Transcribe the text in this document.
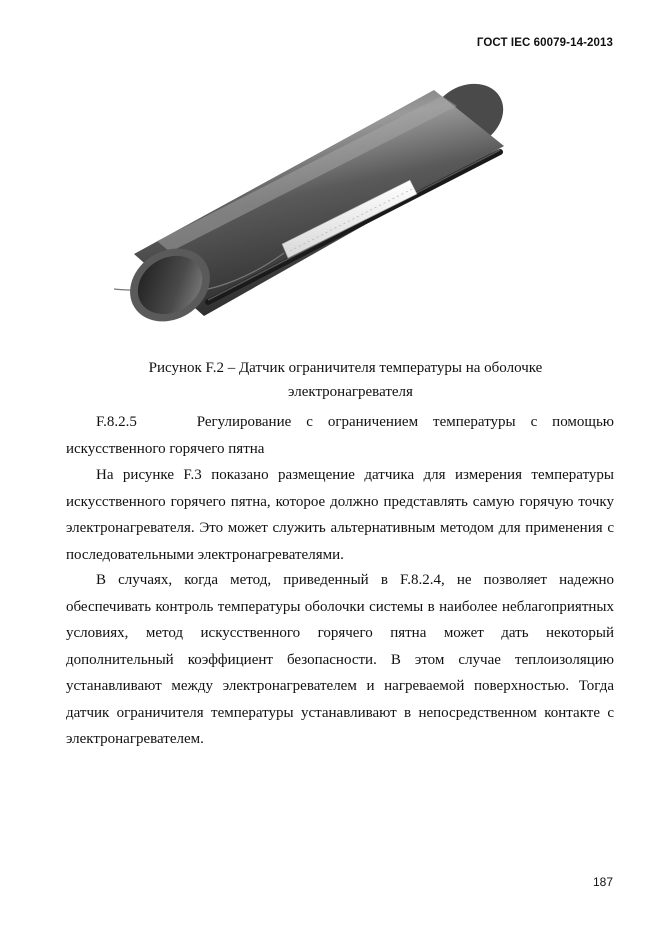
ГОСТ IEC 60079-14-2013
Рисунок F.2 – Датчик ограничителя температуры на оболочке
электронагревателя
F.8.2.5	Регулирование с ограничением температуры с помощью искусственного горячего пятна
На рисунке F.3 показано размещение датчика для измерения температуры искусственного горячего пятна, которое должно представлять самую горячую точку электронагревателя. Это может служить альтернативным методом для применения с последовательными электронагревателями.
В случаях, когда метод, приведенный в F.8.2.4, не позволяет надежно обеспечивать контроль температуры оболочки системы в наиболее неблагоприятных условиях, метод искусственного горячего пятна может дать некоторый дополнительный коэффициент безопасности. В этом случае теплоизоляцию устанавливают между электронагревателем и нагреваемой поверхностью. Тогда датчик ограничителя температуры устанавливают в непосредственном контакте с электронагревателем.
187
